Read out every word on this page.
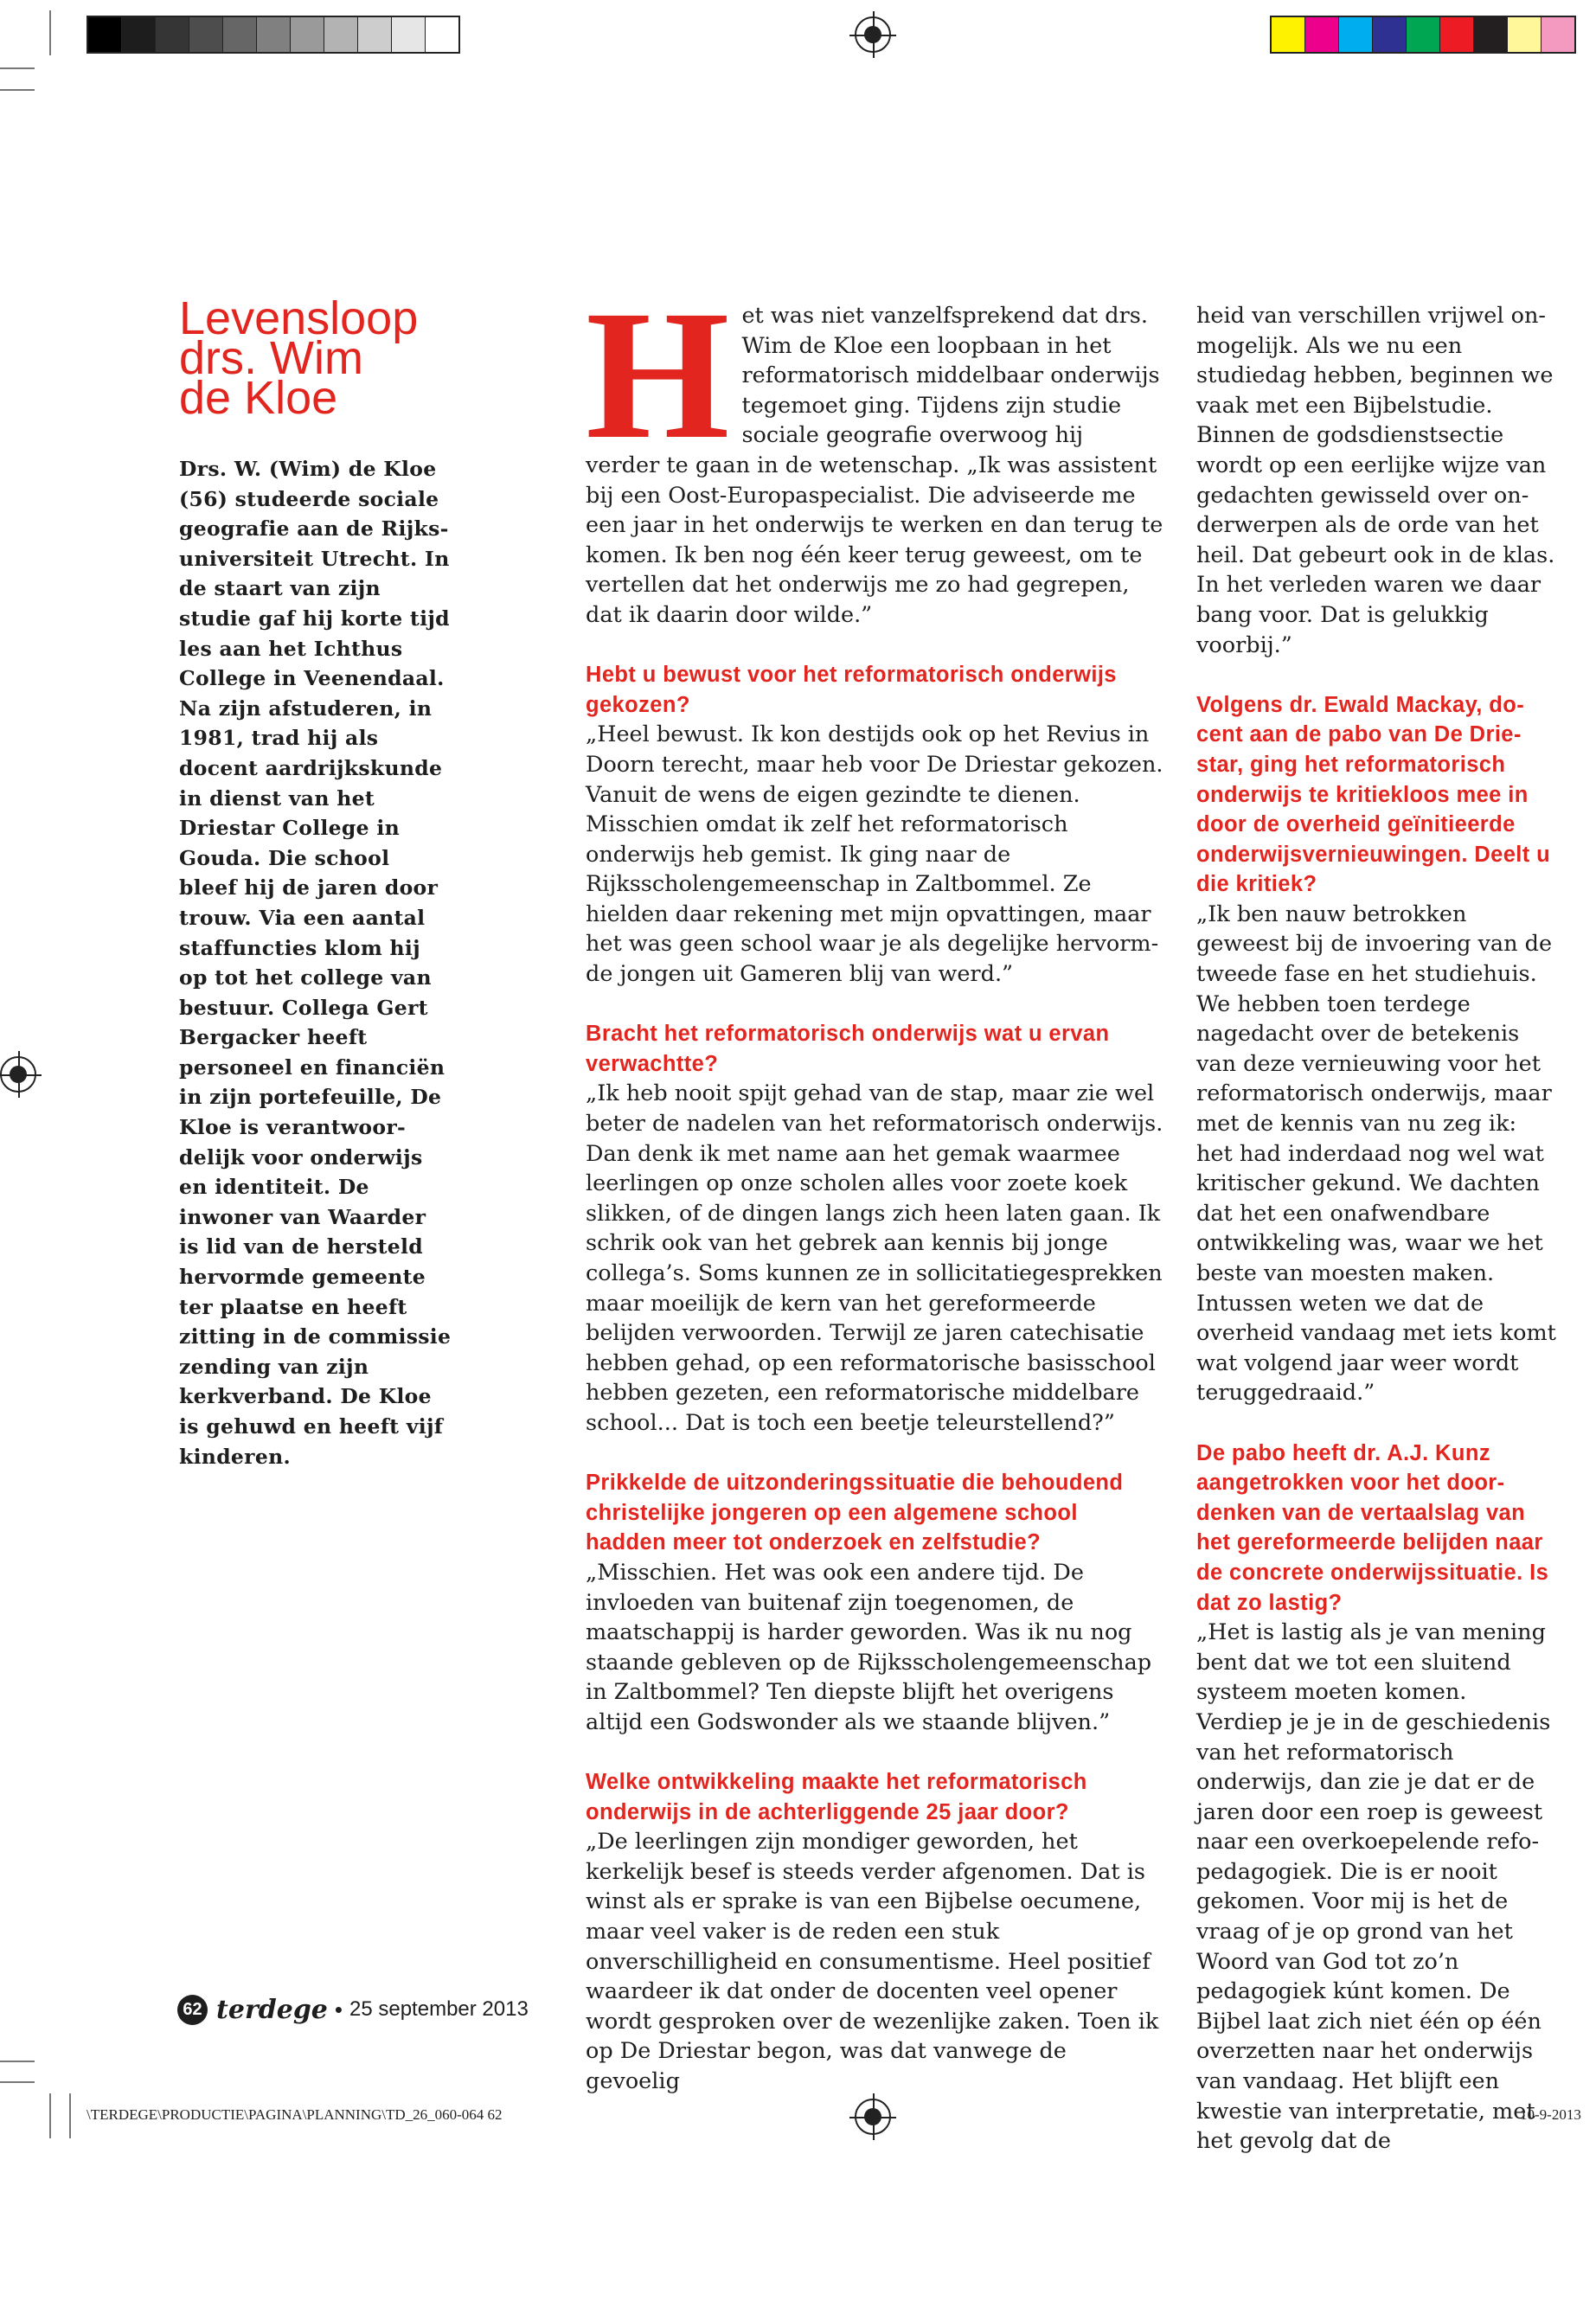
Levensloop
drs. Wim
de Kloe

Drs. W. (Wim) de Kloe (56) studeerde sociale geografie aan de Rijksuniversiteit Utrecht. In de staart van zijn studie gaf hij korte tijd les aan het Ichthus College in Veenendaal. Na zijn afstuderen, in 1981, trad hij als docent aardrijkskunde in dienst van het Driestar College in Gouda. Die school bleef hij de jaren door trouw. Via een aantal staffuncties klom hij op tot het college van bestuur. Collega Gert Bergacker heeft personeel en financiën in zijn portefeuille, De Kloe is verantwoordelijk voor onderwijs en identiteit. De inwoner van Waarder is lid van de hersteld hervormde gemeente ter plaatse en heeft zitting in de commissie zending van zijn kerkverband. De Kloe is gehuwd en heeft vijf kinderen.

Het was niet vanzelfsprekend dat drs. Wim de Kloe een loopbaan in het reformatorisch middelbaar onderwijs tegemoet ging. Tijdens zijn studie sociale geografie overwoog hij verder te gaan in de wetenschap. „Ik was assistent bij een Oost-Europaspecialist. Die adviseerde me een jaar in het onderwijs te werken en dan terug te komen. Ik ben nog één keer terug geweest, om te vertellen dat het onderwijs me zo had gegrepen, dat ik daarin door wilde.”

Hebt u bewust voor het reformatorisch onderwijs gekozen?

„Heel bewust. Ik kon destijds ook op het Revius in Doorn terecht, maar heb voor De Driestar gekozen. Vanuit de wens de eigen gezindte te dienen. Misschien omdat ik zelf het reformatorisch onderwijs heb gemist. Ik ging naar de Rijksscholengemeenschap in Zaltbommel. Ze hielden daar rekening met mijn opvattingen, maar het was geen school waar je als degelijke hervormde jongen uit Gameren blij van werd.”

Bracht het reformatorisch onderwijs wat u ervan verwachtte?

„Ik heb nooit spijt gehad van de stap, maar zie wel beter de nadelen van het reformatorisch onderwijs. Dan denk ik met name aan het gemak waarmee leerlingen op onze scholen alles voor zoete koek slikken, of de dingen langs zich heen laten gaan. Ik schrik ook van het gebrek aan kennis bij jonge collega’s. Soms kunnen ze in sollicitatiegesprekken maar moeilijk de kern van het gereformeerde belijden verwoorden. Terwijl ze jaren catechisatie hebben gehad, op een reformatorische basisschool hebben gezeten, een reformatorische middelbare school... Dat is toch een beetje teleurstellend?”

Prikkelde de uitzonderingssituatie die behoudend christelijke jongeren op een algemene school hadden meer tot onderzoek en zelfstudie?

„Misschien. Het was ook een andere tijd. De invloeden van buitenaf zijn toegenomen, de maatschappij is harder geworden. Was ik nu nog staande gebleven op de Rijksscholengemeenschap in Zaltbommel? Ten diepste blijft het overigens altijd een Godswonder als we staande blijven.”

Welke ontwikkeling maakte het reformatorisch onderwijs in de achterliggende 25 jaar door?

„De leerlingen zijn mondiger geworden, het kerkelijk besef is steeds verder afgenomen. Dat is winst als er sprake is van een Bijbelse oecumene, maar veel vaker is de reden een stuk onverschilligheid en consumentisme. Heel positief waardeer ik dat onder de docenten veel opener wordt gesproken over de wezenlijke zaken. Toen ik op De Driestar begon, was dat vanwege de gevoelig

heid van verschillen vrijwel onmogelijk. Als we nu een studiedag hebben, beginnen we vaak met een Bijbelstudie. Binnen de godsdienstsectie wordt op een eerlijke wijze van gedachten gewisseld over onderwerpen als de orde van het heil. Dat gebeurt ook in de klas. In het verleden waren we daar bang voor. Dat is gelukkig voorbij.”

Volgens dr. Ewald Mackay, docent aan de pabo van De Driestar, ging het reformatorisch onderwijs te kritiekloos mee in door de overheid geïnitieerde onderwijsvernieuwingen. Deelt u die kritiek?

„Ik ben nauw betrokken geweest bij de invoering van de tweede fase en het studiehuis. We hebben toen terdege nagedacht over de betekenis van deze vernieuwing voor het reformatorisch onderwijs, maar met de kennis van nu zeg ik: het had inderdaad nog wel wat kritischer gekund. We dachten dat het een onafwendbare ontwikkeling was, waar we het beste van moesten maken. Intussen weten we dat de overheid vandaag met iets komt wat volgend jaar weer wordt teruggedraaid.”

De pabo heeft dr. A.J. Kunz aangetrokken voor het doordenken van de vertaalslag van het gereformeerde belijden naar de concrete onderwijssituatie. Is dat zo lastig?

„Het is lastig als je van mening bent dat we tot een sluitend systeem moeten komen. Verdiep je je in de geschiedenis van het reformatorisch onderwijs, dan zie je dat er de jaren door een roep is geweest naar een overkoepelende refopedagogiek. Die is er nooit gekomen. Voor mij is het de vraag of je op grond van het Woord van God tot zo’n pedagogiek kúnt komen. De Bijbel laat zich niet één op één overzetten naar het onderwijs van vandaag. Het blijft een kwestie van interpretatie, met het gevolg dat de

62 terdege • 25 september 2013
\TERDEGE\PRODUCTIE\PAGINA\PLANNING\TD_26_060-064 62	10-9-2013
